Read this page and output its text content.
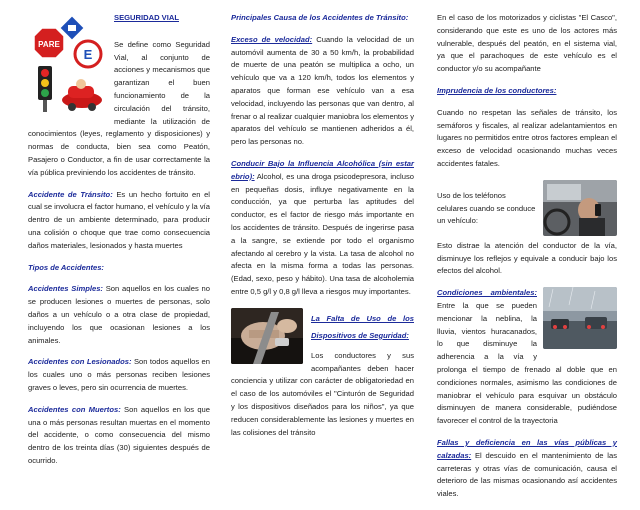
PARE
E
SEGURIDAD VIAL

Se define como Seguridad Vial, al conjunto de acciones y mecanismos que garantizan el buen funcionamiento de la circulación del tránsito, mediante la utilización de conocimientos (leyes, reglamento y disposiciones) y normas de conducta, bien sea como Peatón, Pasajero o Conductor, a fin de usar correctamente la vía pública previniendo los accidentes de tránsito.

Accidente de Tránsito: Es un hecho fortuito en el cual se involucra el factor humano, el vehículo y la vía dentro de un ambiente determinado, para producir una colisión o choque que trae como consecuencia daños materiales, lesionados y hasta muertes

Tipos de Accidentes:

Accidentes Simples: Son aquellos en los cuales no se producen lesiones o muertes de personas, solo daños a un vehículo o a otra clase de propiedad, incluyendo los que ocasionan lesiones a los animales.

Accidentes con Lesionados: Son todos aquellos en los cuales uno o más personas reciben lesiones graves o leves, pero sin ocurrencia de muertes.

Accidentes con Muertos: Son aquellos en los que una o más personas resultan muertas en el momento del accidente, o como consecuencia del mismo dentro de los treinta días (30) siguientes después de ocurrido.

Principales Causa de los Accidentes de Tránsito:

Exceso de velocidad: Cuando la velocidad de un automóvil aumenta de 30 a 50 km/h, la probabilidad de muerte de una peatón se multiplica a ocho, un vehículo que va a 120 km/h, todos los elementos y aparatos que forman ese vehículo van a esa velocidad, incluyendo las personas que van dentro, al frenar o al realizar cualquier maniobra los elementos y aparatos del vehículo se mantienen adheridos a él, pero las personas no.

Conducir Bajo la Influencia Alcohólica (sin estar ebrio): Alcohol, es una droga psicodepresora, incluso en pequeñas dosis, influye negativamente en la conducción, ya que perturba las aptitudes del conductor, es el factor de riesgo más importante en los accidentes de tránsito. Después de ingerirse pasa a la sangre, se extiende por todo el organismo afectando al cerebro y la vista. La tasa de alcohol no afecta en la misma forma a todas las personas. (Edad, sexo, peso y hábito). Una tasa de alcoholemia entre 0,5 g/l y 0,8 g/l lleva a riesgos muy importantes.

La Falta de Uso de los Dispositivos de Seguridad:

Los conductores y sus acompañantes deben hacer conciencia y utilizar con carácter de obligatoriedad en el caso de los automóviles el "Cinturón de Seguridad y los dispositivos diseñados para los niños", ya que reducen considerablemente las lesiones y muertes en las colisiones del tránsito

En el caso de los motorizados y ciclistas "El Casco", considerando que este es uno de los actores más vulnerable, después del peatón, en el sistema vial, ya que el parachoques de este vehículo es el conductor y/o su acompañante

Imprudencia de los conductores:

Cuando no respetan las señales de tránsito, los semáforos y fiscales, al realizar adelantamientos en lugares no permitidos entre otros factores emplean el exceso de velocidad ocasionando muchas veces accidentes fatales.

Uso de los teléfonos celulares cuando se conduce un vehículo:

Esto distrae la atención del conductor de la vía, disminuye los reflejos y equivale a conducir bajo los efectos del alcohol.

Condiciones ambientales: Entre la que se pueden mencionar la neblina, la lluvia, vientos huracanados, lo que disminuye la adherencia a la vía y prolonga el tiempo de frenado al doble que en condiciones normales, asimismo las condiciones de maniobrar el vehículo para esquivar un obstáculo disminuyen de manera considerable, pudiéndose favorecer el control de la trayectoria

Fallas y deficiencia en las vías públicas y calzadas: El descuido en el mantenimiento de las carreteras y otras vías de comunicación, causa el deterioro de las mismas ocasionando así accidentes viales.
